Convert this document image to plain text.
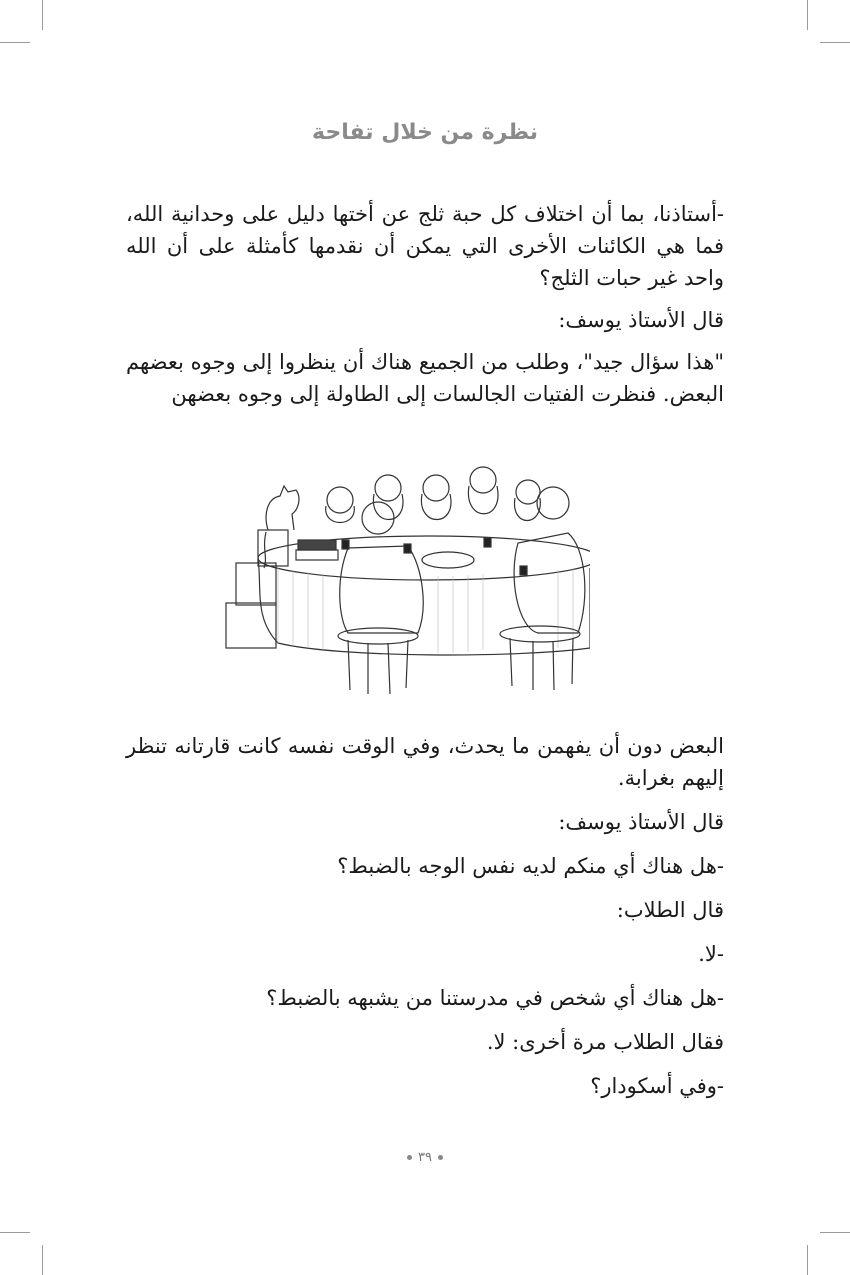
نظرة من خلال تفاحة

-أستاذنا، بما أن اختلاف كل حبة ثلج عن أختها دليل على وحدانية الله، فما هي الكائنات الأخرى التي يمكن أن نقدمها كأمثلة على أن الله واحد غير حبات الثلج؟

قال الأستاذ يوسف:

"هذا سؤال جيد"، وطلب من الجميع هناك أن ينظروا إلى وجوه بعضهم البعض. فنظرت الفتيات الجالسات إلى الطاولة إلى وجوه بعضهن

البعض دون أن يفهمن ما يحدث، وفي الوقت نفسه كانت قارتانه تنظر إليهم بغرابة.

قال الأستاذ يوسف:

-هل هناك أي منكم لديه نفس الوجه بالضبط؟

قال الطلاب:

-لا.

-هل هناك أي شخص في مدرستنا من يشبهه بالضبط؟

فقال الطلاب مرة أخرى: لا.

-وفي أسكودار؟

٣٩
